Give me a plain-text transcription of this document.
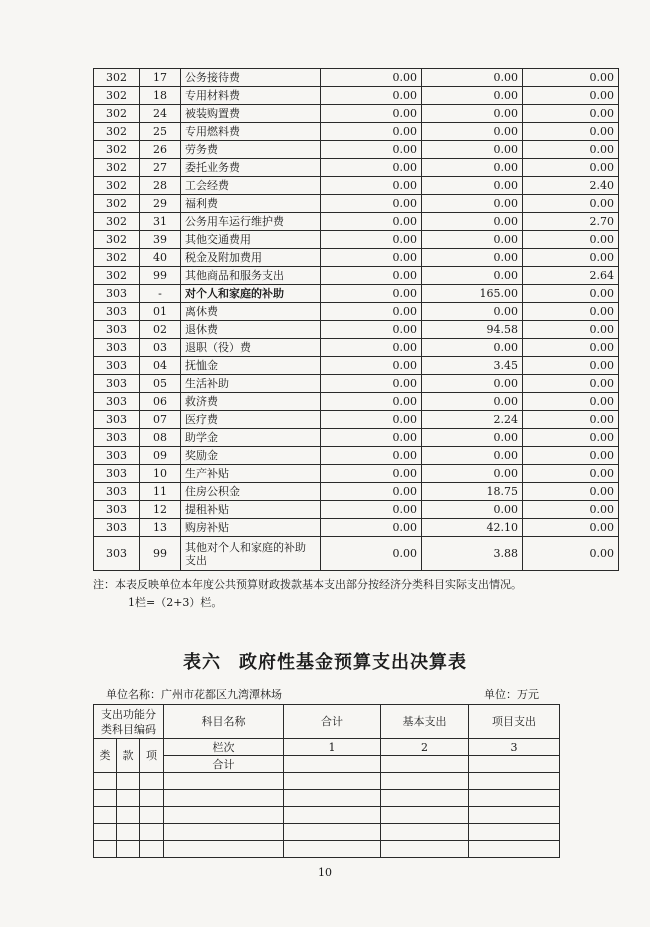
302	17	公务接待费	0.00	0.00	0.00
302	18	专用材料费	0.00	0.00	0.00
302	24	被装购置费	0.00	0.00	0.00
302	25	专用燃料费	0.00	0.00	0.00
302	26	劳务费	0.00	0.00	0.00
302	27	委托业务费	0.00	0.00	0.00
302	28	工会经费	0.00	0.00	2.40
302	29	福利费	0.00	0.00	0.00
302	31	公务用车运行维护费	0.00	0.00	2.70
302	39	其他交通费用	0.00	0.00	0.00
302	40	税金及附加费用	0.00	0.00	0.00
302	99	其他商品和服务支出	0.00	0.00	2.64
303	-	对个人和家庭的补助	0.00	165.00	0.00
303	01	离休费	0.00	0.00	0.00
303	02	退休费	0.00	94.58	0.00
303	03	退职（役）费	0.00	0.00	0.00
303	04	抚恤金	0.00	3.45	0.00
303	05	生活补助	0.00	0.00	0.00
303	06	救济费	0.00	0.00	0.00
303	07	医疗费	0.00	2.24	0.00
303	08	助学金	0.00	0.00	0.00
303	09	奖励金	0.00	0.00	0.00
303	10	生产补贴	0.00	0.00	0.00
303	11	住房公积金	0.00	18.75	0.00
303	12	提租补贴	0.00	0.00	0.00
303	13	购房补贴	0.00	42.10	0.00
303	99	其他对个人和家庭的补助支出	0.00	3.88	0.00
注：本表反映单位本年度公共预算财政拨款基本支出部分按经济分类科目实际支出情况。
1栏=（2+3）栏。
表六 政府性基金预算支出决算表
单位名称：广州市花都区九湾潭林场	单位：万元
支出功能分类科目编码			科目名称	合计	基本支出	项目支出
类	款	项	栏次	1	2	3
			合计			

10
